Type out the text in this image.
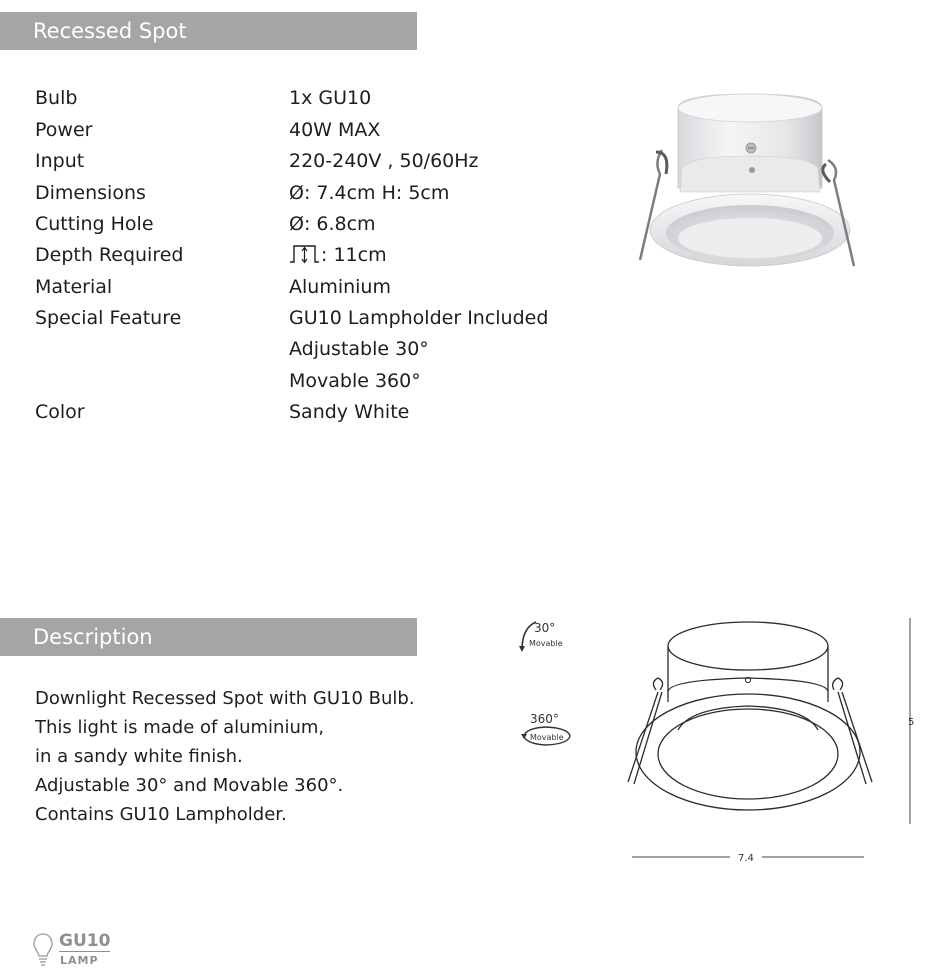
Recessed Spot
Bulb	1x GU10
Power	40W MAX
Input	220-240V , 50/60Hz
Dimensions	Ø: 7.4cm H: 5cm
Cutting Hole	Ø: 6.8cm
Depth Required	: 11cm
Material	Aluminium
Special Feature	GU10 Lampholder Included
Adjustable 30°
Movable 360°
Color	Sandy White
Description
Downlight Recessed Spot with GU10 Bulb.
This light is made of aluminium,
in a sandy white finish.
Adjustable 30° and Movable 360°.
Contains GU10 Lampholder.
30°
Movable
360°
Movable
5
7.4
GU10
LAMP
